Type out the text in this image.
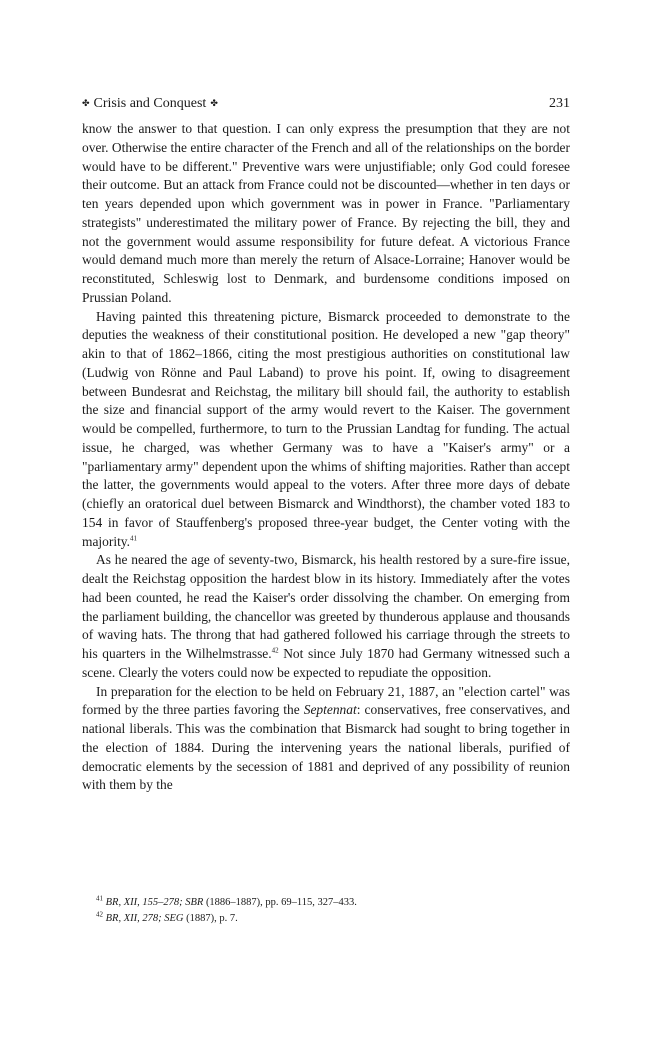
✤ Crisis and Conquest ✤	231

know the answer to that question. I can only express the presumption that they are not over. Otherwise the entire character of the French and all of the relationships on the border would have to be different." Preventive wars were unjustifiable; only God could foresee their outcome. But an attack from France could not be discounted—whether in ten days or ten years depended upon which government was in power in France. "Parliamentary strategists" underestimated the military power of France. By rejecting the bill, they and not the government would assume responsibility for future defeat. A victorious France would demand much more than merely the return of Alsace-Lorraine; Hanover would be reconstituted, Schleswig lost to Denmark, and burdensome conditions imposed on Prussian Poland.

Having painted this threatening picture, Bismarck proceeded to demonstrate to the deputies the weakness of their constitutional position. He developed a new "gap theory" akin to that of 1862–1866, citing the most prestigious authorities on constitutional law (Ludwig von Rönne and Paul Laband) to prove his point. If, owing to disagreement between Bundesrat and Reichstag, the military bill should fail, the authority to establish the size and financial support of the army would revert to the Kaiser. The government would be compelled, furthermore, to turn to the Prussian Landtag for funding. The actual issue, he charged, was whether Germany was to have a "Kaiser's army" or a "parliamentary army" dependent upon the whims of shifting majorities. Rather than accept the latter, the governments would appeal to the voters. After three more days of debate (chiefly an oratorical duel between Bismarck and Windthorst), the chamber voted 183 to 154 in favor of Stauffenberg's proposed three-year budget, the Center voting with the majority.$^{41}$

As he neared the age of seventy-two, Bismarck, his health restored by a sure-fire issue, dealt the Reichstag opposition the hardest blow in its history. Immediately after the votes had been counted, he read the Kaiser's order dissolving the chamber. On emerging from the parliament building, the chancellor was greeted by thunderous applause and thousands of waving hats. The throng that had gathered followed his carriage through the streets to his quarters in the Wilhelmstrasse.$^{42}$ Not since July 1870 had Germany witnessed such a scene. Clearly the voters could now be expected to repudiate the opposition.

In preparation for the election to be held on February 21, 1887, an "election cartel" was formed by the three parties favoring the Septennat: conservatives, free conservatives, and national liberals. This was the combination that Bismarck had sought to bring together in the election of 1884. During the intervening years the national liberals, purified of democratic elements by the secession of 1881 and deprived of any possibility of reunion with them by the

$^{41}$ BR, XII, 155–278; SBR (1886–1887), pp. 69–115, 327–433.

$^{42}$ BR, XII, 278; SEG (1887), p. 7.
